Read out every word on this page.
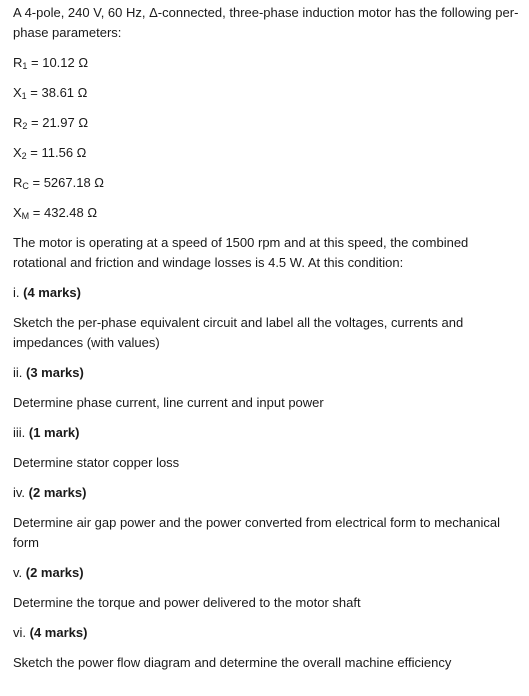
A 4-pole, 240 V, 60 Hz, Δ-connected, three-phase induction motor has the following per-phase parameters:

$R_1 = 10.12$ Ω

$X_1 = 38.61$ Ω

$R_2 = 21.97$ Ω

$X_2 = 11.56$ Ω

$R_C = 5267.18$ Ω

$X_M = 432.48$ Ω

The motor is operating at a speed of 1500 rpm and at this speed, the combined rotational and friction and windage losses is 4.5 W. At this condition:

i. (4 marks)

Sketch the per-phase equivalent circuit and label all the voltages, currents and impedances (with values)

ii. (3 marks)

Determine phase current, line current and input power

iii. (1 mark)

Determine stator copper loss

iv. (2 marks)

Determine air gap power and the power converted from electrical form to mechanical form

v. (2 marks)

Determine the torque and power delivered to the motor shaft

vi. (4 marks)

Sketch the power flow diagram and determine the overall machine efficiency
